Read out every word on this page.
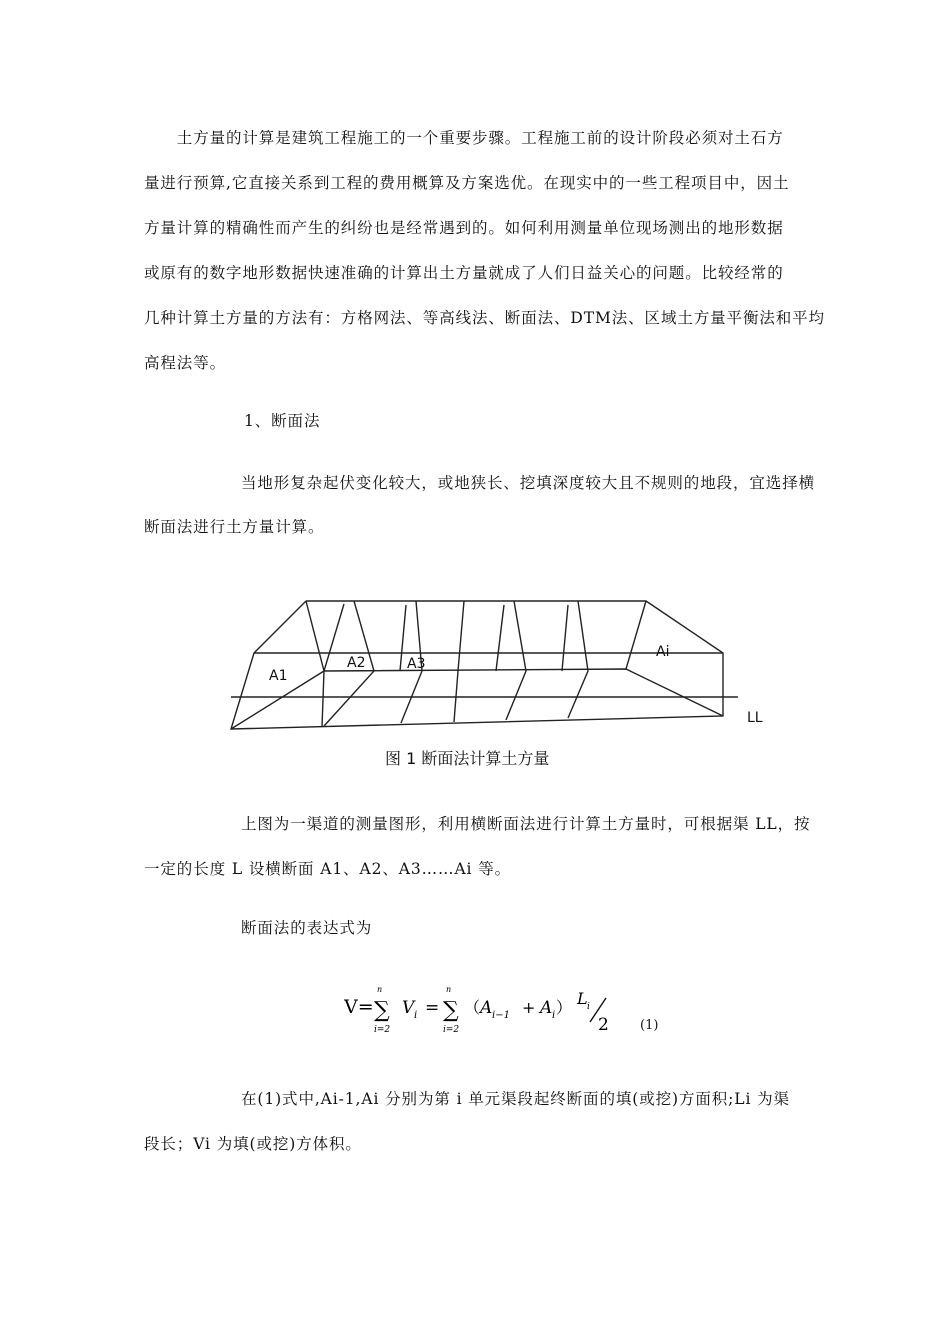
　　土方量的计算是建筑工程施工的一个重要步骤。工程施工前的设计阶段必须对土石方
量进行预算,它直接关系到工程的费用概算及方案选优。在现实中的一些工程项目中，因土
方量计算的精确性而产生的纠纷也是经常遇到的。如何利用测量单位现场测出的地形数据
或原有的数字地形数据快速准确的计算出土方量就成了人们日益关心的问题。比较经常的
几种计算土方量的方法有：方格网法、等高线法、断面法、DTM法、区域土方量平衡法和平均
高程法等。
1、断面法
当地形复杂起伏变化较大，或地狭长、挖填深度较大且不规则的地段，宜选择横
断面法进行土方量计算。
A1
A2	A3
Ai
LL
图 1 断面法计算土方量
上图为一渠道的测量图形，利用横断面法进行计算土方量时，可根据渠 LL，按
一定的长度 L 设横断面 A1、A2、A3……Ai 等。
断面法的表达式为
V=
n
∑
i=2
V i =
n
∑
i=2
（ A i−1 + A i ） L i
2 (1)
在(1)式中,Ai-1,Ai 分别为第 i 单元渠段起终断面的填(或挖)方面积;Li 为渠
段长；Vi 为填(或挖)方体积。
